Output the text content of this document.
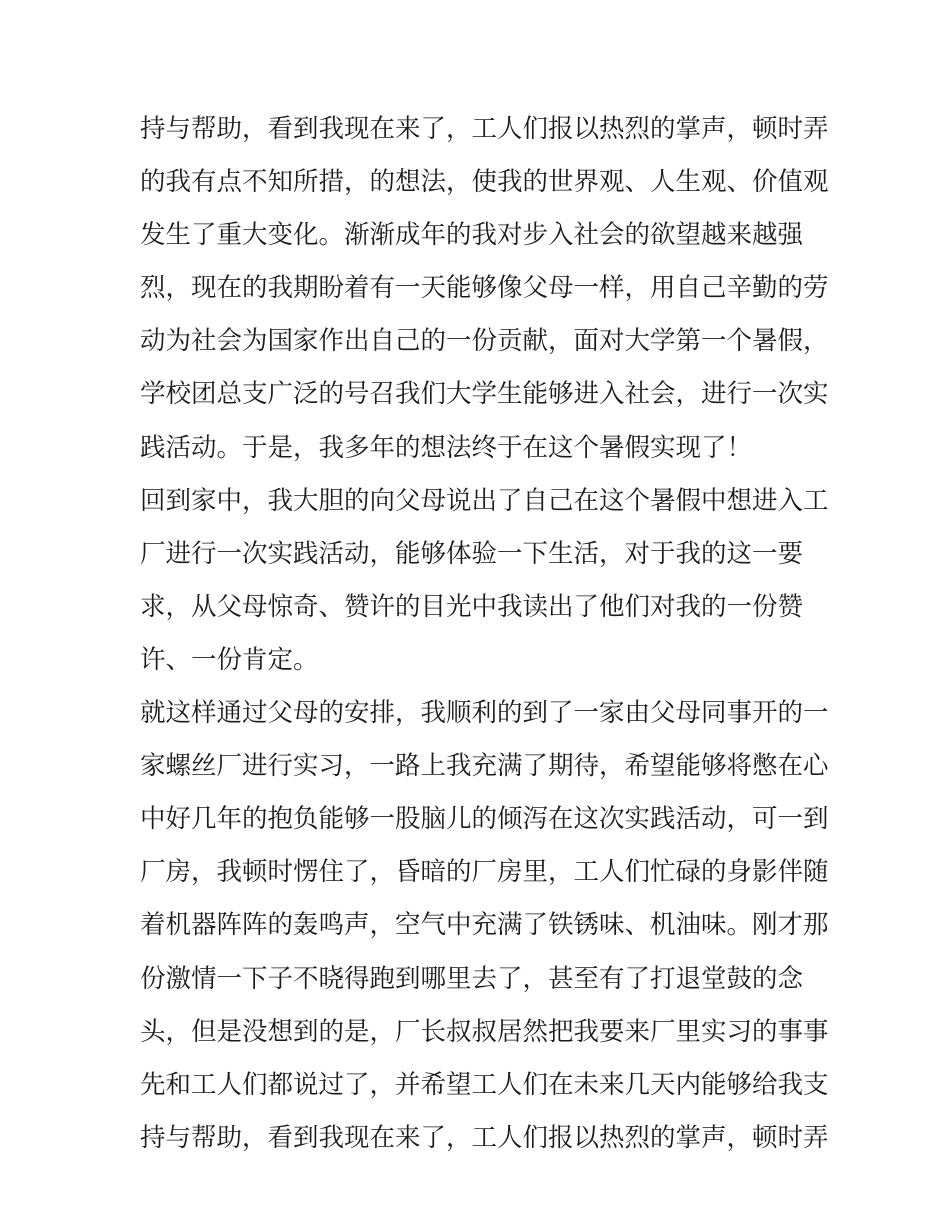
持与帮助，看到我现在来了，工人们报以热烈的掌声，顿时弄
的我有点不知所措，的想法，使我的世界观、人生观、价值观
发生了重大变化。渐渐成年的我对步入社会的欲望越来越强
烈，现在的我期盼着有一天能够像父母一样，用自己辛勤的劳
动为社会为国家作出自己的一份贡献，面对大学第一个暑假，
学校团总支广泛的号召我们大学生能够进入社会，进行一次实
践活动。于是，我多年的想法终于在这个暑假实现了！
回到家中，我大胆的向父母说出了自己在这个暑假中想进入工
厂进行一次实践活动，能够体验一下生活，对于我的这一要
求，从父母惊奇、赞许的目光中我读出了他们对我的一份赞
许、一份肯定。
就这样通过父母的安排，我顺利的到了一家由父母同事开的一
家螺丝厂进行实习，一路上我充满了期待，希望能够将憋在心
中好几年的抱负能够一股脑儿的倾泻在这次实践活动，可一到
厂房，我顿时愣住了，昏暗的厂房里，工人们忙碌的身影伴随
着机器阵阵的轰鸣声，空气中充满了铁锈味、机油味。刚才那
份激情一下子不晓得跑到哪里去了，甚至有了打退堂鼓的念
头，但是没想到的是，厂长叔叔居然把我要来厂里实习的事事
先和工人们都说过了，并希望工人们在未来几天内能够给我支
持与帮助，看到我现在来了，工人们报以热烈的掌声，顿时弄
